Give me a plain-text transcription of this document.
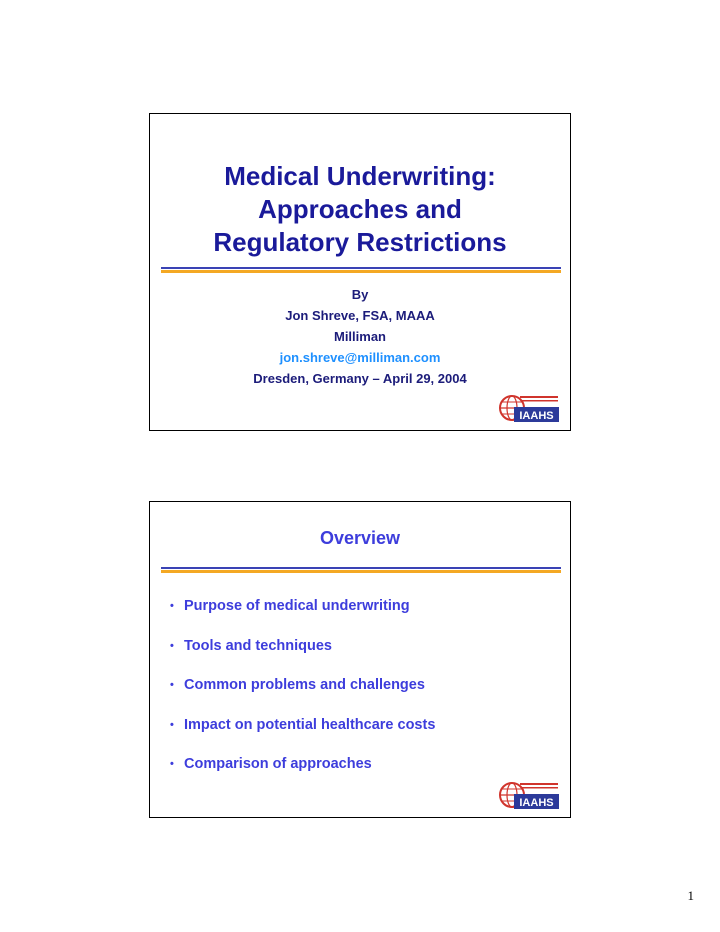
Medical Underwriting:
Approaches and
Regulatory Restrictions
By
Jon Shreve, FSA, MAAA
Milliman
jon.shreve@milliman.com
Dresden, Germany – April 29, 2004
IAAHS
Overview
• Purpose of medical underwriting
• Tools and techniques
• Common problems and challenges
• Impact on potential healthcare costs
• Comparison of approaches
IAAHS
1
